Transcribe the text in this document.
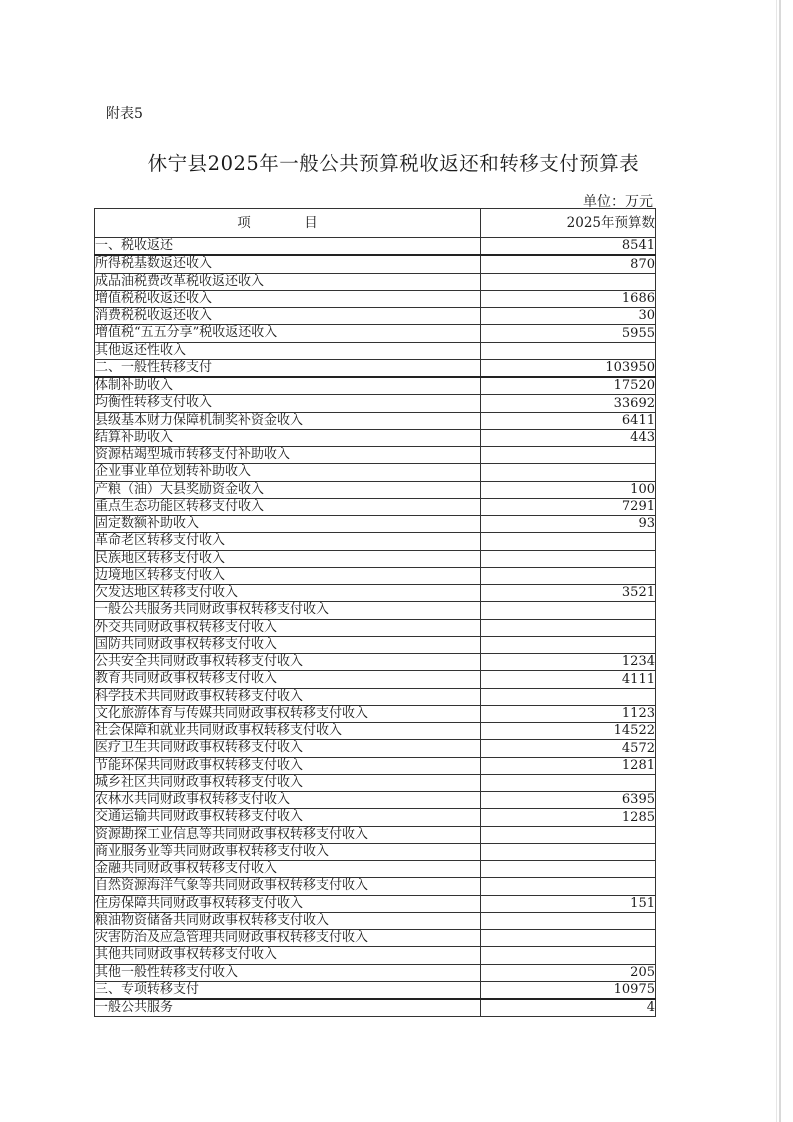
附表5
休宁县2025年一般公共预算税收返还和转移支付预算表
单位：万元
项　目	2025年预算数
一、税收返还	8541
所得税基数返还收入	870
成品油税费改革税收返还收入	
增值税税收返还收入	1686
消费税税收返还收入	30
增值税“五五分享”税收返还收入	5955
其他返还性收入	
二、一般性转移支付	103950
体制补助收入	17520
均衡性转移支付收入	33692
县级基本财力保障机制奖补资金收入	6411
结算补助收入	443
资源枯竭型城市转移支付补助收入	
企业事业单位划转补助收入	
产粮（油）大县奖励资金收入	100
重点生态功能区转移支付收入	7291
固定数额补助收入	93
革命老区转移支付收入	
民族地区转移支付收入	
边境地区转移支付收入	
欠发达地区转移支付收入	3521
一般公共服务共同财政事权转移支付收入	
外交共同财政事权转移支付收入	
国防共同财政事权转移支付收入	
公共安全共同财政事权转移支付收入	1234
教育共同财政事权转移支付收入	4111
科学技术共同财政事权转移支付收入	
文化旅游体育与传媒共同财政事权转移支付收入	1123
社会保障和就业共同财政事权转移支付收入	14522
医疗卫生共同财政事权转移支付收入	4572
节能环保共同财政事权转移支付收入	1281
城乡社区共同财政事权转移支付收入	
农林水共同财政事权转移支付收入	6395
交通运输共同财政事权转移支付收入	1285
资源勘探工业信息等共同财政事权转移支付收入	
商业服务业等共同财政事权转移支付收入	
金融共同财政事权转移支付收入	
自然资源海洋气象等共同财政事权转移支付收入	
住房保障共同财政事权转移支付收入	151
粮油物资储备共同财政事权转移支付收入	
灾害防治及应急管理共同财政事权转移支付收入	
其他共同财政事权转移支付收入	
其他一般性转移支付收入	205
三、专项转移支付	10975
一般公共服务	4
